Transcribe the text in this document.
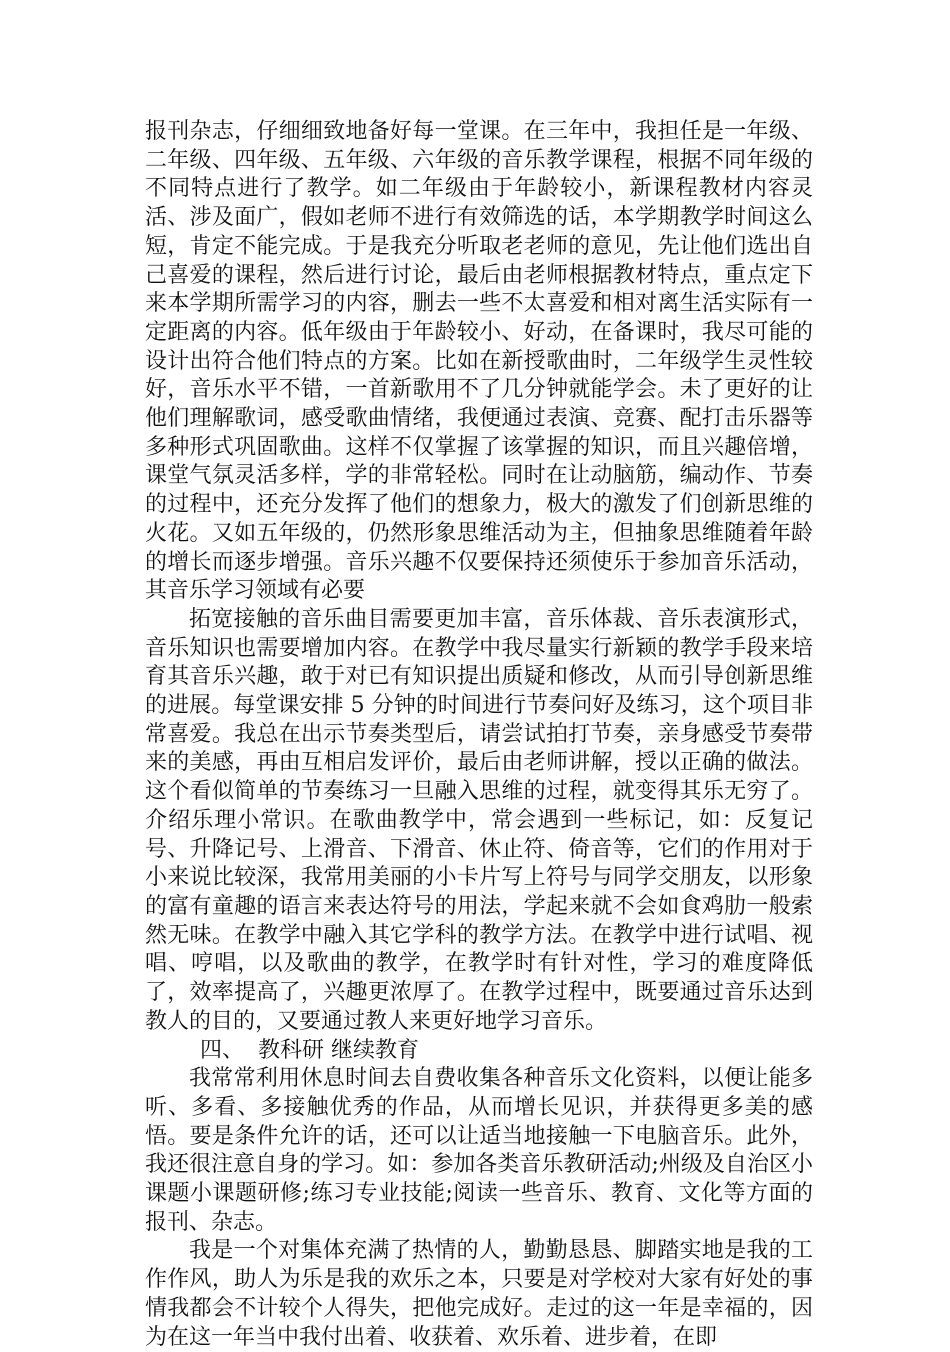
报刊杂志，仔细细致地备好每一堂课。在三年中，我担任是一年级、二年级、四年级、五年级、六年级的音乐教学课程，根据不同年级的不同特点进行了教学。如二年级由于年龄较小，新课程教材内容灵活、涉及面广，假如老师不进行有效筛选的话，本学期教学时间这么短，肯定不能完成。于是我充分听取老老师的意见，先让他们选出自己喜爱的课程，然后进行讨论，最后由老师根据教材特点，重点定下来本学期所需学习的内容，删去一些不太喜爱和相对离生活实际有一定距离的内容。低年级由于年龄较小、好动，在备课时，我尽可能的设计出符合他们特点的方案。比如在新授歌曲时，二年级学生灵性较好，音乐水平不错，一首新歌用不了几分钟就能学会。未了更好的让他们理解歌词，感受歌曲情绪，我便通过表演、竞赛、配打击乐器等多种形式巩固歌曲。这样不仅掌握了该掌握的知识，而且兴趣倍增，课堂气氛灵活多样，学的非常轻松。同时在让动脑筋，编动作、节奏的过程中，还充分发挥了他们的想象力，极大的激发了们创新思维的火花。又如五年级的，仍然形象思维活动为主，但抽象思维随着年龄的增长而逐步增强。音乐兴趣不仅要保持还须使乐于参加音乐活动，其音乐学习领域有必要

拓宽接触的音乐曲目需要更加丰富，音乐体裁、音乐表演形式，音乐知识也需要增加内容。在教学中我尽量实行新颖的教学手段来培育其音乐兴趣，敢于对已有知识提出质疑和修改，从而引导创新思维的进展。每堂课安排 5 分钟的时间进行节奏问好及练习，这个项目非常喜爱。我总在出示节奏类型后，请尝试拍打节奏，亲身感受节奏带来的美感，再由互相启发评价，最后由老师讲解，授以正确的做法。这个看似简单的节奏练习一旦融入思维的过程，就变得其乐无穷了。介绍乐理小常识。在歌曲教学中，常会遇到一些标记，如：反复记号、升降记号、上滑音、下滑音、休止符、倚音等，它们的作用对于小来说比较深，我常用美丽的小卡片写上符号与同学交朋友，以形象的富有童趣的语言来表达符号的用法，学起来就不会如食鸡肋一般索然无味。在教学中融入其它学科的教学方法。在教学中进行试唱、视唱、哼唱，以及歌曲的教学，在教学时有针对性，学习的难度降低了，效率提高了，兴趣更浓厚了。在教学过程中，既要通过音乐达到教人的目的，又要通过教人来更好地学习音乐。

四、  教科研 继续教育

我常常利用休息时间去自费收集各种音乐文化资料，以便让能多听、多看、多接触优秀的作品，从而增长见识，并获得更多美的感悟。要是条件允许的话，还可以让适当地接触一下电脑音乐。此外，我还很注意自身的学习。如：参加各类音乐教研活动;州级及自治区小课题小课题研修;练习专业技能;阅读一些音乐、教育、文化等方面的报刊、杂志。

我是一个对集体充满了热情的人，勤勤恳恳、脚踏实地是我的工作作风，助人为乐是我的欢乐之本，只要是对学校对大家有好处的事情我都会不计较个人得失，把他完成好。走过的这一年是幸福的，因为在这一年当中我付出着、收获着、欢乐着、进步着，在即
